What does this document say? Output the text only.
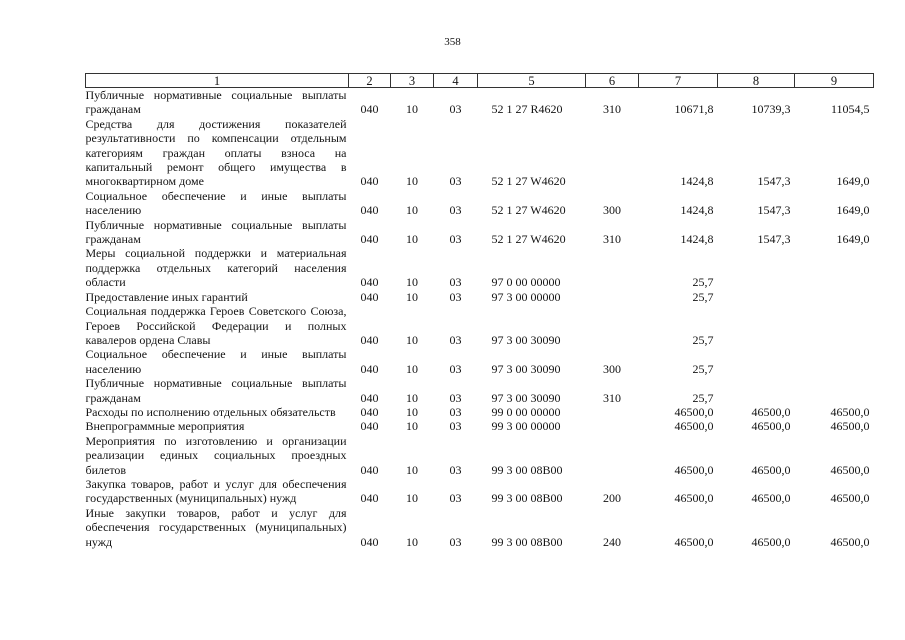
358
1	2	3	4	5	6	7	8	9
Публичные нормативные социальные выплаты гражданам	040	10	03	52 1 27 R4620	310	10671,8	10739,3	11054,5
Средства для достижения показателей результативности по компенсации отдельным категориям граждан оплаты взноса на капитальный ремонт общего имущества в многоквартирном доме	040	10	03	52 1 27 W4620		1424,8	1547,3	1649,0
Социальное обеспечение и иные выплаты населению	040	10	03	52 1 27 W4620	300	1424,8	1547,3	1649,0
Публичные нормативные социальные выплаты гражданам	040	10	03	52 1 27 W4620	310	1424,8	1547,3	1649,0
Меры социальной поддержки и материальная поддержка отдельных категорий населения области	040	10	03	97 0 00 00000		25,7		
Предоставление иных гарантий	040	10	03	97 3 00 00000		25,7		
Социальная поддержка Героев Советского Союза, Героев Российской Федерации и полных кавалеров ордена Славы	040	10	03	97 3 00 30090		25,7		
Социальное обеспечение и иные выплаты населению	040	10	03	97 3 00 30090	300	25,7		
Публичные нормативные социальные выплаты гражданам	040	10	03	97 3 00 30090	310	25,7		
Расходы по исполнению отдельных обязательств	040	10	03	99 0 00 00000		46500,0	46500,0	46500,0
Внепрограммные мероприятия	040	10	03	99 3 00 00000		46500,0	46500,0	46500,0
Мероприятия по изготовлению и организации реализации единых социальных проездных билетов	040	10	03	99 3 00 08В00		46500,0	46500,0	46500,0
Закупка товаров, работ и услуг для обеспечения государственных (муниципальных) нужд	040	10	03	99 3 00 08В00	200	46500,0	46500,0	46500,0
Иные закупки товаров, работ и услуг для обеспечения государственных (муниципальных) нужд	040	10	03	99 3 00 08В00	240	46500,0	46500,0	46500,0
